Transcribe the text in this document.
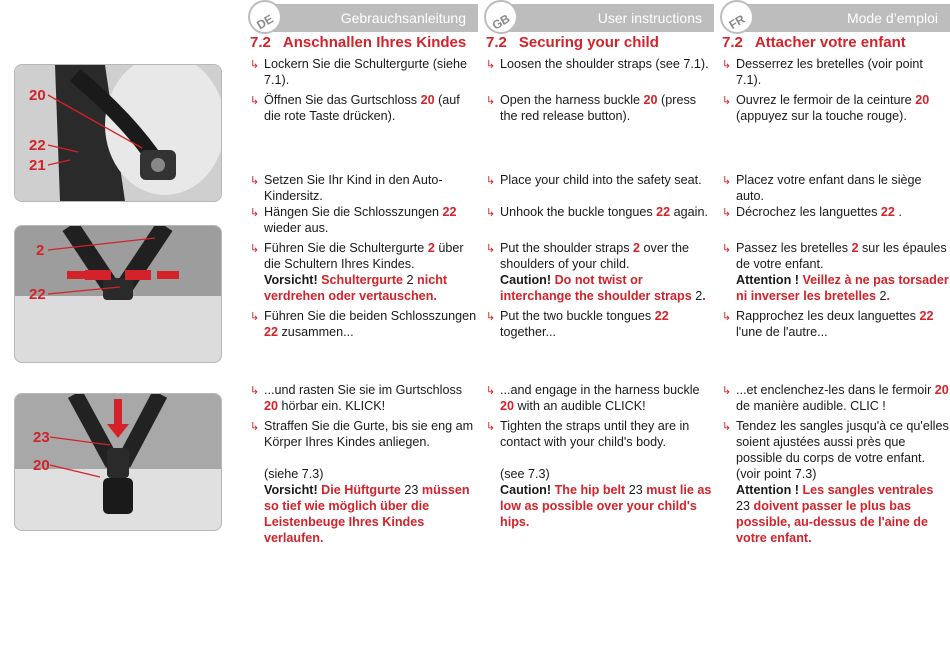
20
22
21
2
22
23
20
DE	Gebrauchsanleitung
7.2 Anschnallen Ihres Kindes
↳ Lockern Sie die Schultergurte (siehe 7.1).
↳ Öffnen Sie das Gurtschloss 20 (auf die rote Taste drücken).
↳ Setzen Sie Ihr Kind in den Auto-Kindersitz.
↳ Hängen Sie die Schlosszungen 22 wieder aus.
↳ Führen Sie die Schultergurte 2 über die Schultern Ihres Kindes.
Vorsicht! Schultergurte 2 nicht verdrehen oder vertauschen.
↳ Führen Sie die beiden Schlosszungen 22 zusammen...
↳ ...und rasten Sie sie im Gurtschloss 20 hörbar ein. KLICK!
↳ Straffen Sie die Gurte, bis sie eng am Körper Ihres Kindes anliegen.

(siehe 7.3)
Vorsicht! Die Hüftgurte 23 müssen so tief wie möglich über die Leistenbeuge Ihres Kindes verlaufen.
GB	User instructions
7.2 Securing your child
↳ Loosen the shoulder straps (see 7.1).
↳ Open the harness buckle 20 (press the red release button).
↳ Place your child into the safety seat.
↳ Unhook the buckle tongues 22 again.
↳ Put the shoulder straps 2 over the shoulders of your child.
Caution! Do not twist or interchange the shoulder straps 2.
↳ Put the two buckle tongues 22 together...
↳ ...and engage in the harness buckle 20 with an audible CLICK!
↳ Tighten the straps until they are in contact with your child's body.

(see 7.3)
Caution! The hip belt 23 must lie as low as possible over your child's hips.
FR	Mode d’emploi
7.2 Attacher votre enfant
↳ Desserrez les bretelles (voir point 7.1).
↳ Ouvrez le fermoir de la ceinture 20 (appuyez sur la touche rouge).
↳ Placez votre enfant dans le siège auto.
↳ Décrochez les languettes 22 .
↳ Passez les bretelles 2 sur les épaules de votre enfant.
Attention ! Veillez à ne pas torsader ni inverser les bretelles 2.
↳ Rapprochez les deux languettes 22 l'une de l'autre...
↳ ...et enclenchez-les dans le fermoir 20 de manière audible. CLIC !
↳ Tendez les sangles jusqu'à ce qu'elles soient ajustées aussi près que possible du corps de votre enfant. (voir point 7.3)
Attention ! Les sangles ventrales 23 doivent passer le plus bas possible, au-dessus de l'aine de votre enfant.
